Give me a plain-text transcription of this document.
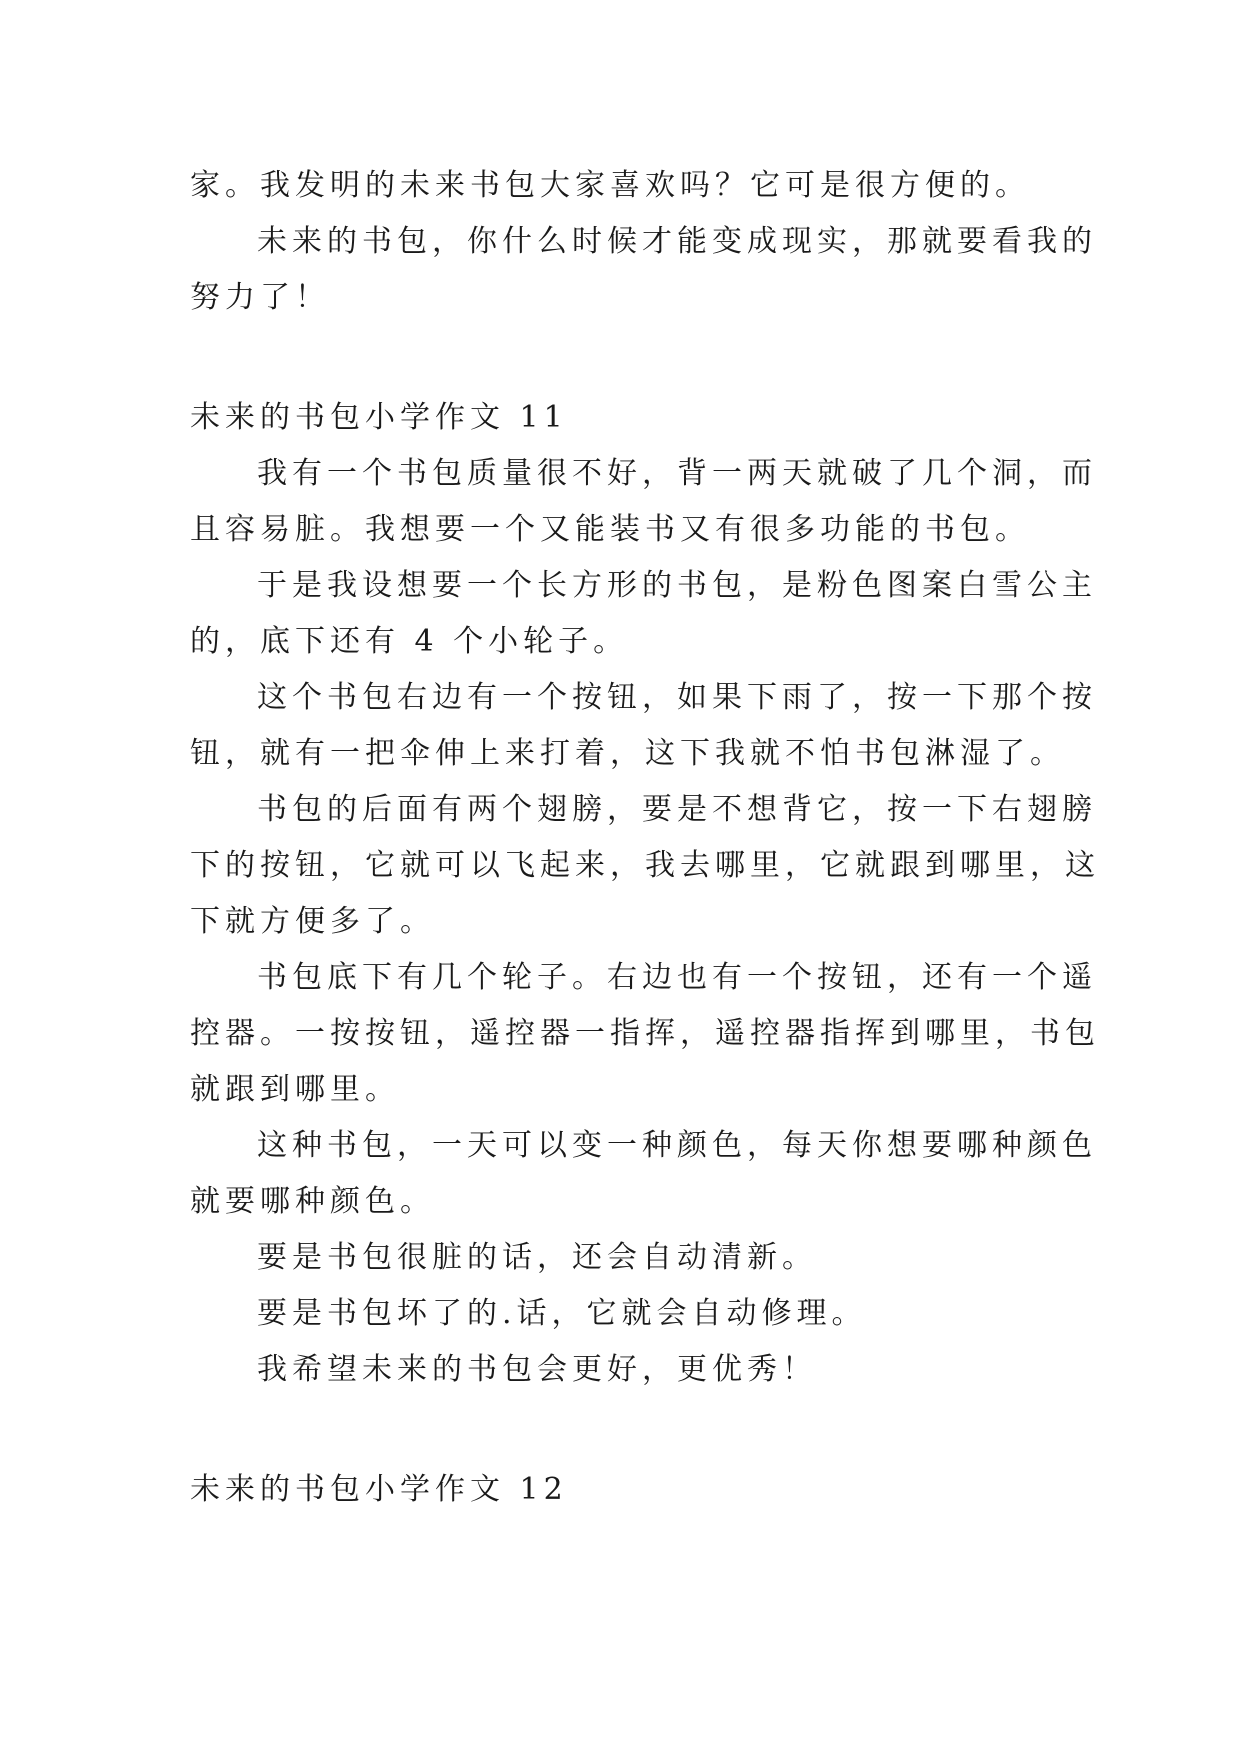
家。我发明的未来书包大家喜欢吗？它可是很方便的。
未来的书包，你什么时候才能变成现实，那就要看我的
努力了！
未来的书包小学作文 11
我有一个书包质量很不好，背一两天就破了几个洞，而
且容易脏。我想要一个又能装书又有很多功能的书包。
于是我设想要一个长方形的书包，是粉色图案白雪公主
的，底下还有 4 个小轮子。
这个书包右边有一个按钮，如果下雨了，按一下那个按
钮，就有一把伞伸上来打着，这下我就不怕书包淋湿了。
书包的后面有两个翅膀，要是不想背它，按一下右翅膀
下的按钮，它就可以飞起来，我去哪里，它就跟到哪里，这
下就方便多了。
书包底下有几个轮子。右边也有一个按钮，还有一个遥
控器。一按按钮，遥控器一指挥，遥控器指挥到哪里，书包
就跟到哪里。
这种书包，一天可以变一种颜色，每天你想要哪种颜色
就要哪种颜色。
要是书包很脏的话，还会自动清新。
要是书包坏了的.话，它就会自动修理。
我希望未来的书包会更好，更优秀！
未来的书包小学作文 12
